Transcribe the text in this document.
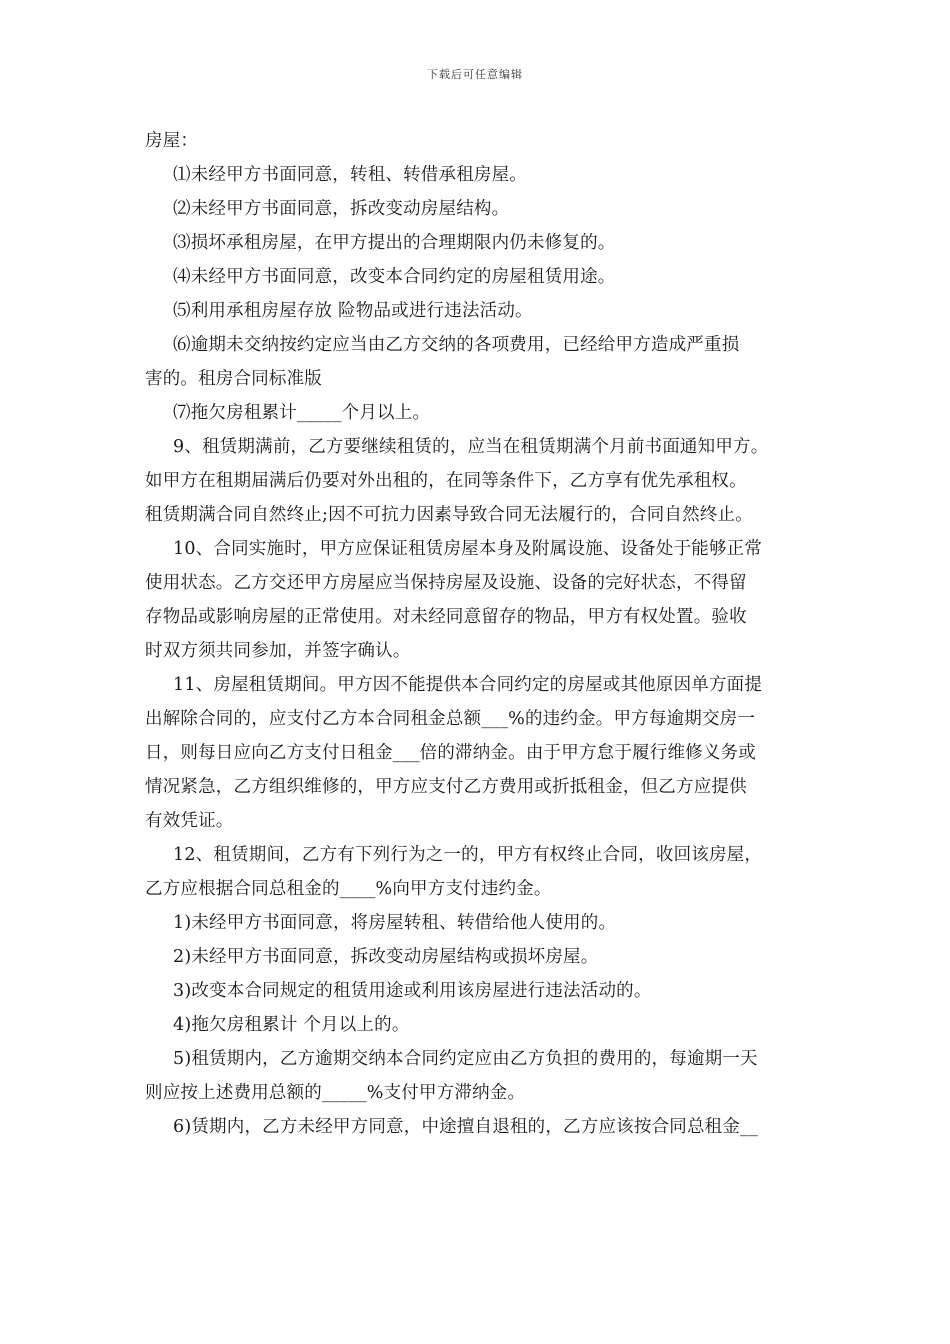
下载后可任意编辑
房屋：
⑴未经甲方书面同意，转租、转借承租房屋。
⑵未经甲方书面同意，拆改变动房屋结构。
⑶损坏承租房屋，在甲方提出的合理期限内仍未修复的。
⑷未经甲方书面同意，改变本合同约定的房屋租赁用途。
⑸利用承租房屋存放 险物品或进行违法活动。
⑹逾期未交纳按约定应当由乙方交纳的各项费用，已经给甲方造成严重损
害的。租房合同标准版
⑺拖欠房租累计_____个月以上。
9、租赁期满前，乙方要继续租赁的，应当在租赁期满个月前书面通知甲方。
如甲方在租期届满后仍要对外出租的，在同等条件下，乙方享有优先承租权。
租赁期满合同自然终止;因不可抗力因素导致合同无法履行的，合同自然终止。
10、合同实施时，甲方应保证租赁房屋本身及附属设施、设备处于能够正常
使用状态。乙方交还甲方房屋应当保持房屋及设施、设备的完好状态，不得留
存物品或影响房屋的正常使用。对未经同意留存的物品，甲方有权处置。验收
时双方须共同参加，并签字确认。
11、房屋租赁期间。甲方因不能提供本合同约定的房屋或其他原因单方面提
出解除合同的，应支付乙方本合同租金总额___%的违约金。甲方每逾期交房一
日，则每日应向乙方支付日租金___倍的滞纳金。由于甲方怠于履行维修义务或
情况紧急，乙方组织维修的，甲方应支付乙方费用或折抵租金，但乙方应提供
有效凭证。
12、租赁期间，乙方有下列行为之一的，甲方有权终止合同，收回该房屋，
乙方应根据合同总租金的____%向甲方支付违约金。
1)未经甲方书面同意，将房屋转租、转借给他人使用的。
2)未经甲方书面同意，拆改变动房屋结构或损坏房屋。
3)改变本合同规定的租赁用途或利用该房屋进行违法活动的。
4)拖欠房租累计 个月以上的。
5)租赁期内，乙方逾期交纳本合同约定应由乙方负担的费用的，每逾期一天
则应按上述费用总额的_____%支付甲方滞纳金。
6)赁期内，乙方未经甲方同意，中途擅自退租的，乙方应该按合同总租金__
